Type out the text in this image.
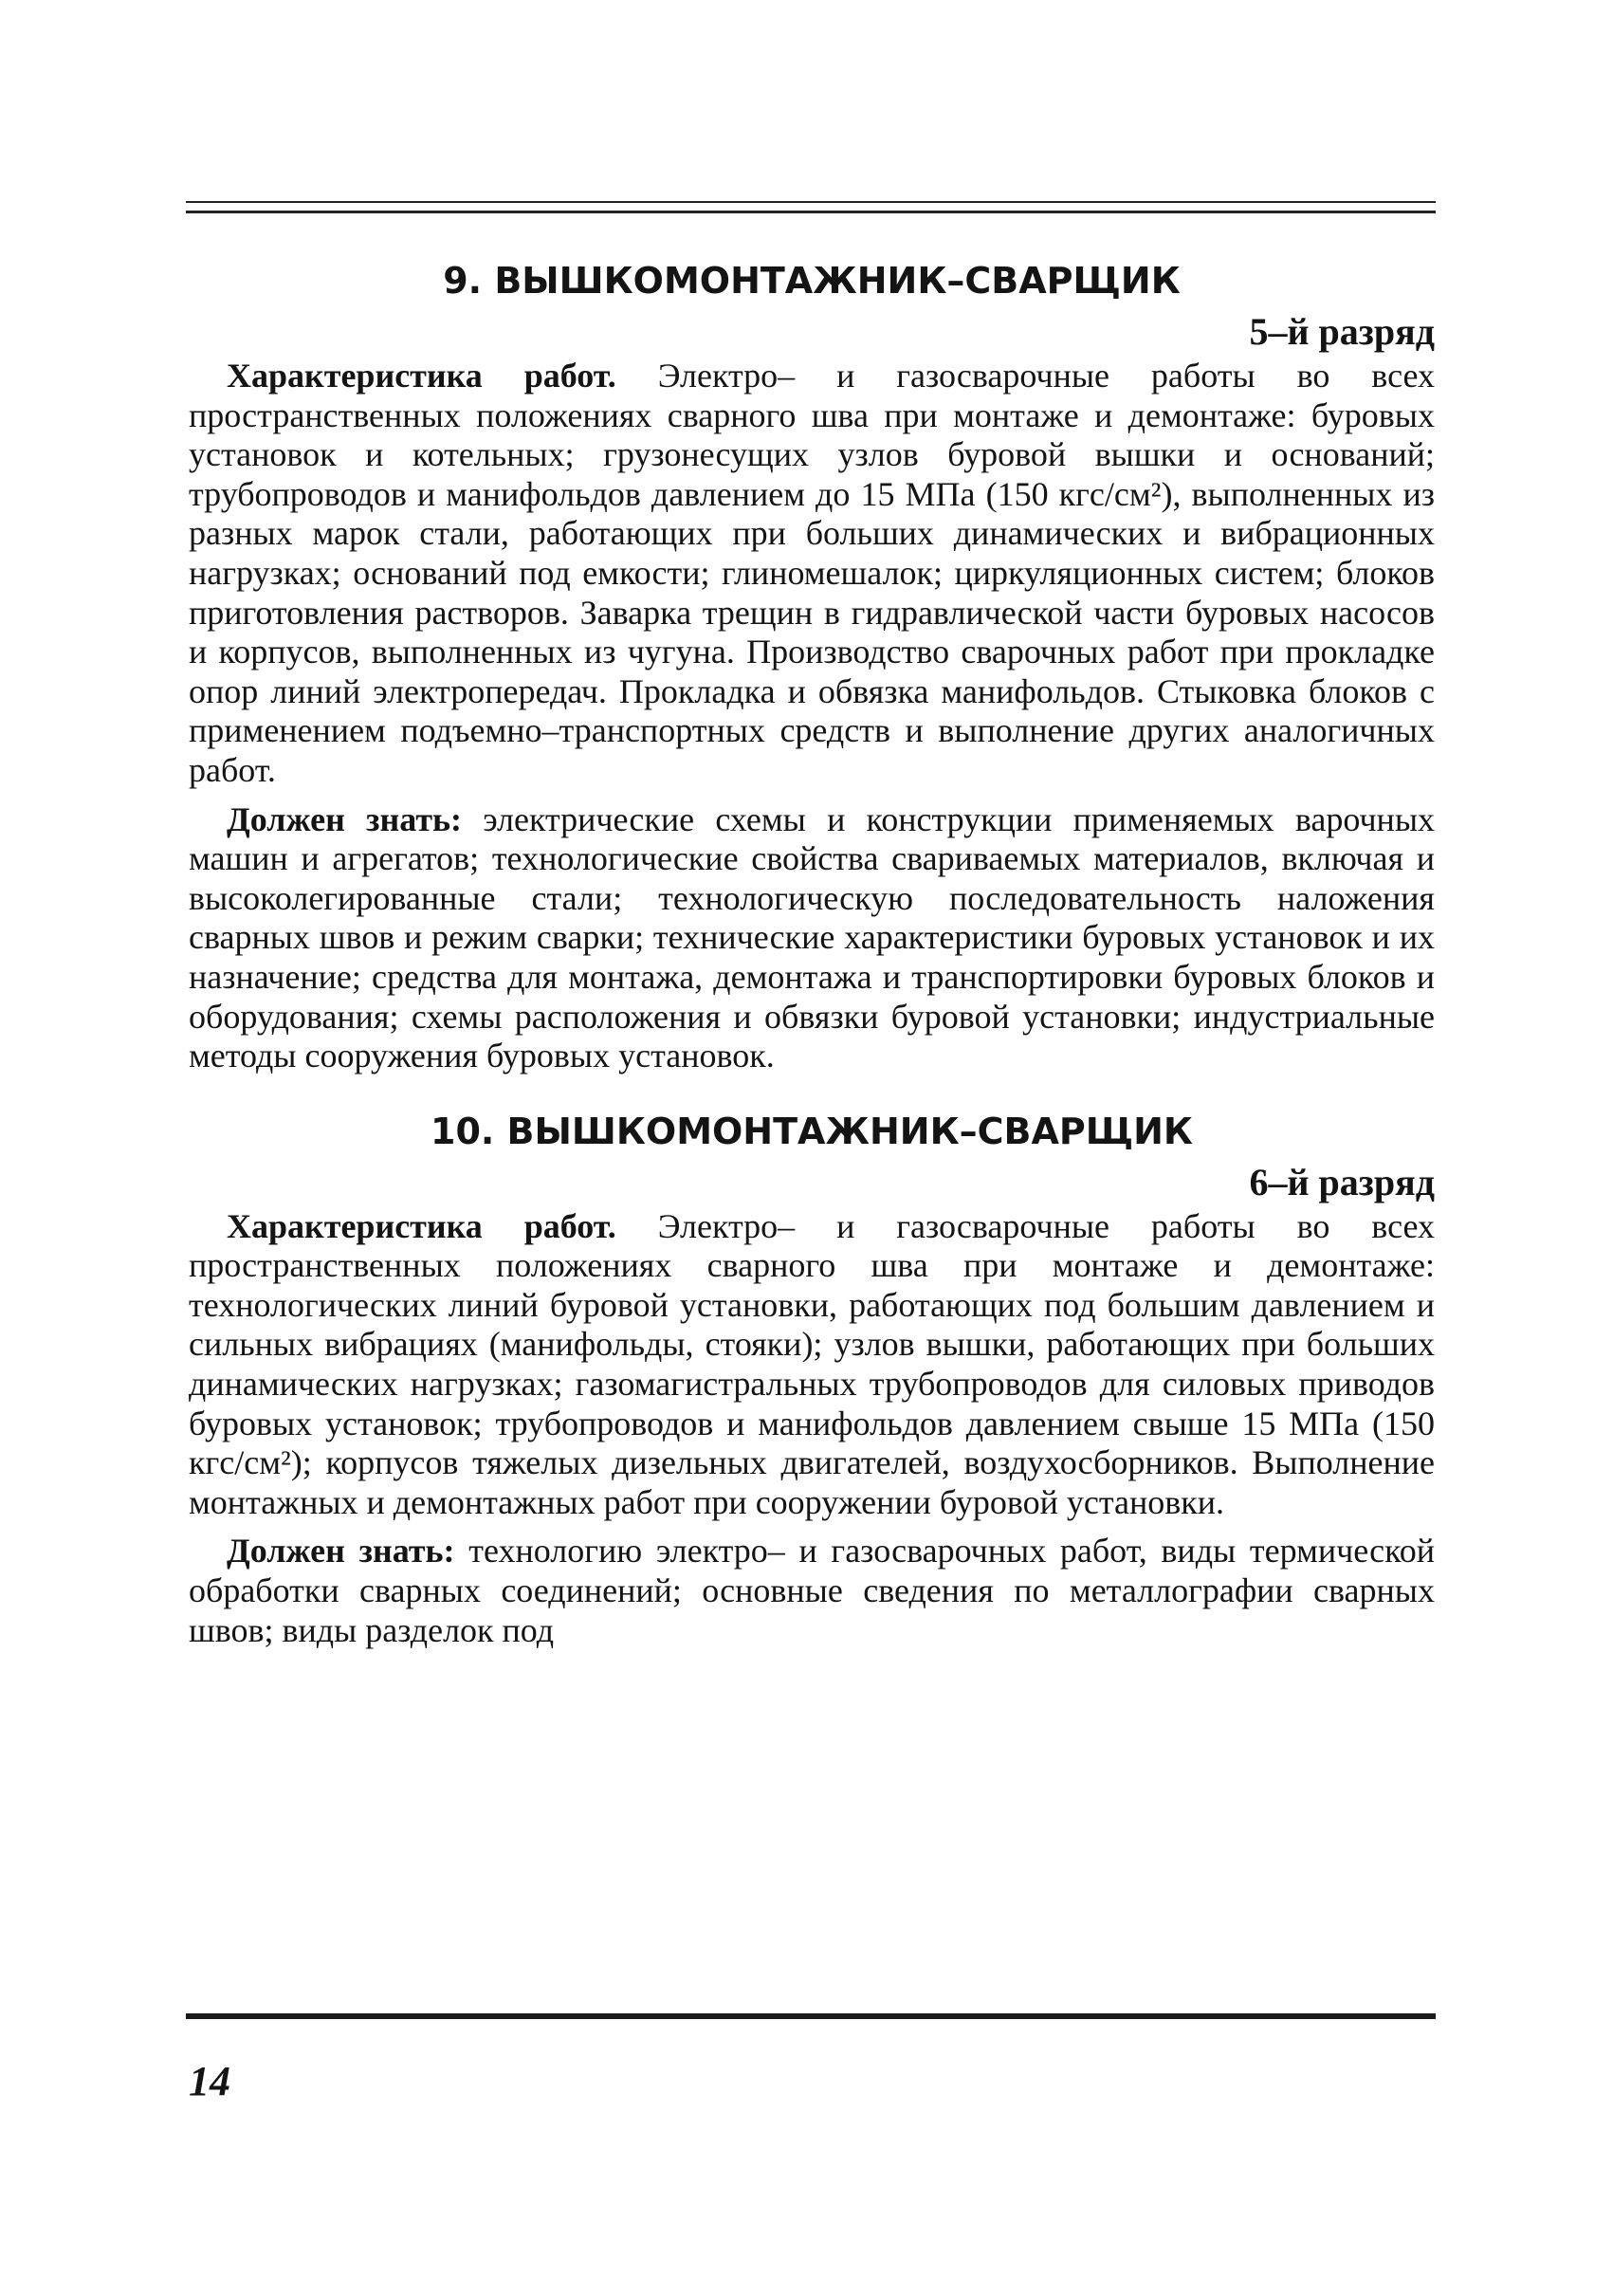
9. ВЫШКОМОНТАЖНИК–СВАРЩИК
5–й разряд

Характеристика работ. Электро– и газосварочные работы во всех пространственных положениях сварного шва при монтаже и демонтаже: буровых установок и котельных; грузонесущих узлов буровой вышки и оснований; трубопроводов и манифольдов давлением до 15 МПа (150 кгс/см²), выполненных из разных марок стали, работающих при больших динамических и вибрационных нагрузках; оснований под емкости; глиномешалок; циркуляционных систем; блоков приготовления растворов. Заварка трещин в гидравлической части буровых насосов и корпусов, выполненных из чугуна. Производство сварочных работ при прокладке опор линий электропередач. Прокладка и обвязка манифольдов. Стыковка блоков с применением подъемно–транспортных средств и выполнение других аналогичных работ.

Должен знать: электрические схемы и конструкции применяемых варочных машин и агрегатов; технологические свойства свариваемых материалов, включая и высоколегированные стали; технологическую последовательность наложения сварных швов и режим сварки; технические характеристики буровых установок и их назначение; средства для монтажа, демонтажа и транспортировки буровых блоков и оборудования; схемы расположения и обвязки буровой установки; индустриальные методы сооружения буровых установок.

10. ВЫШКОМОНТАЖНИК–СВАРЩИК
6–й разряд

Характеристика работ. Электро– и газосварочные работы во всех пространственных положениях сварного шва при монтаже и демонтаже: технологических линий буровой установки, работающих под большим давлением и сильных вибрациях (манифольды, стояки); узлов вышки, работающих при больших динамических нагрузках; газомагистральных трубопроводов для силовых приводов буровых установок; трубопроводов и манифольдов давлением свыше 15 МПа (150 кгс/см²); корпусов тяжелых дизельных двигателей, воздухосборников. Выполнение монтажных и демонтажных работ при сооружении буровой установки.

Должен знать: технологию электро– и газосварочных работ, виды термической обработки сварных соединений; основные сведения по металлографии сварных швов; виды разделок под

14
